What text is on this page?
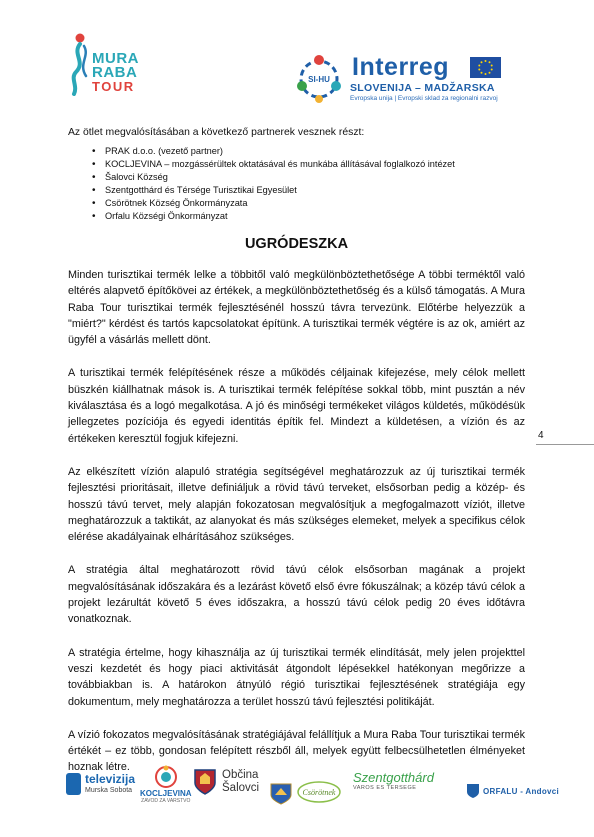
MURA
RABA
TOUR	SI-HU Interreg
SLOVENIJA – MADŽARSKA
Evropska unija | Evropski sklad za regionalni razvoj

Az ötlet megvalósításában a következő partnerek vesznek részt:

• PRAK d.o.o. (vezető partner)
• KOCLJEVINA – mozgássérültek oktatásával és munkába állításával foglalkozó intézet
• Šalovci Község
• Szentgotthárd és Térsége Turisztikai Egyesület
• Csörötnek Község Önkormányzata
• Orfalu Községi Önkormányzat
UGRÓDESZKA

Minden turisztikai termék lelke a többitől való megkülönböztethetősége A többi terméktől való eltérés alapvető építőkövei az értékek, a megkülönböztethetőség és a külső támogatás. A Mura Raba Tour turisztikai termék fejlesztésénél hosszú távra tervezünk. Előtérbe helyezzük a "miért?" kérdést és tartós kapcsolatokat építünk. A turisztikai termék végtére is az ok, amiért az ügyfél a vásárlás mellett dönt.

A turisztikai termék felépítésének része a működés céljainak kifejezése, mely célok mellett büszkén kiállhatnak mások is. A turisztikai termék felépítése sokkal több, mint pusztán a név kiválasztása és a logó megalkotása. A jó és minőségi termékeket világos küldetés, működésük jellegzetes pozíciója és egyedi identitás építik fel. Mindezt a küldetésen, a vízión és az értékeken keresztül fogjuk kifejezni.

Az elkészített vízión alapuló stratégia segítségével meghatározzuk az új turisztikai termék fejlesztési prioritásait, illetve definiáljuk a rövid távú terveket, elsősorban pedig a közép- és hosszú távú tervet, mely alapján fokozatosan megvalósítjuk a megfogalmazott víziót, illetve meghatározzuk a taktikát, az alanyokat és más szükséges elemeket, melyek a specifikus célok elérése akadályainak elhárításához szükséges.

A stratégia által meghatározott rövid távú célok elsősorban magának a projekt megvalósításának időszakára és a lezárást követő első évre fókuszálnak; a közép távú célok a projekt lezárultát követő 5 éves időszakra, a hosszú távú célok pedig 20 éves időtávra vonatkoznak.

A stratégia értelme, hogy kihasználja az új turisztikai termék elindítását, mely jelen projekttel veszi kezdetét és hogy piaci aktivitását átgondolt lépésekkel hatékonyan megőrizze a továbbiakban is. A határokon átnyúló régió turisztikai fejlesztésének stratégiája egy dokumentum, mely meghatározza a terület hosszú távú fejlesztési politikáját.

A vízió fokozatos megvalósításának stratégiájával felállítjuk a Mura Raba Tour turisztikai termék értékét – ez több, gondosan felépített részből áll, melyek együtt felbecsülhetetlen élményeket hoznak létre.

4
televizija
Murska Sobota KOCLJEVINA
ZAVOD ZA VARSTVO
Občina
Šalovci	Csörötnek
Szentgotthárd
VAROS ES TERSEGE	ORFALU - Andovci
